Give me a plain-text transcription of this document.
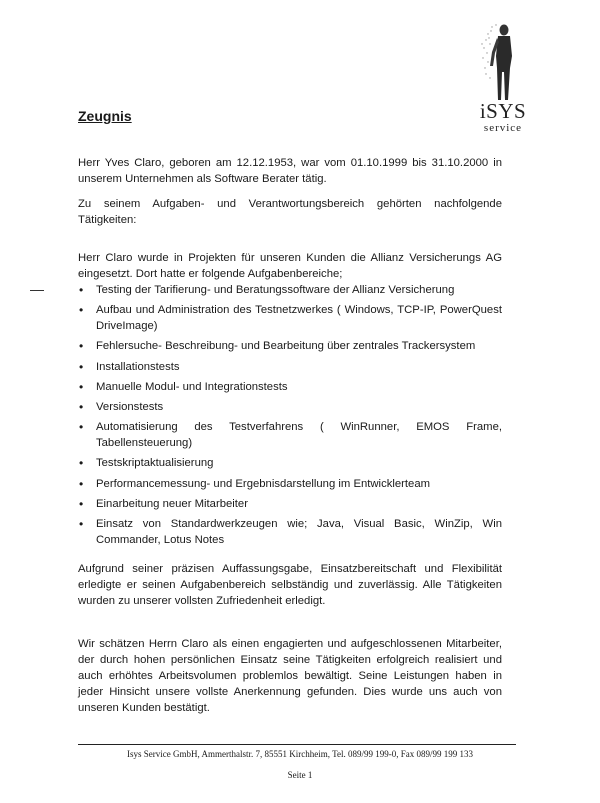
iSYS
service
Zeugnis

Herr Yves Claro, geboren am 12.12.1953, war vom 01.10.1999 bis 31.10.2000 in unserem Unternehmen als Software Berater tätig.

Zu seinem Aufgaben- und Verantwortungsbereich gehörten nachfolgende Tätigkeiten:

Herr Claro wurde in Projekten für unseren Kunden die Allianz Versicherungs AG eingesetzt. Dort hatte er folgende Aufgabenbereiche;

• Testing der Tarifierung- und Beratungssoftware der Allianz Versicherung
• Aufbau und Administration des Testnetzwerkes ( Windows, TCP-IP, PowerQuest DriveImage)
• Fehlersuche- Beschreibung- und Bearbeitung über zentrales Trackersystem
• Installationstests
• Manuelle Modul- und Integrationstests
• Versionstests
• Automatisierung des Testverfahrens ( WinRunner, EMOS Frame, Tabellensteuerung)
• Testskriptaktualisierung
• Performancemessung- und Ergebnisdarstellung im Entwicklerteam
• Einarbeitung neuer Mitarbeiter
• Einsatz von Standardwerkzeugen wie; Java, Visual Basic, WinZip, Win Commander, Lotus Notes

Aufgrund seiner präzisen Auffassungsgabe, Einsatzbereitschaft und Flexibilität erledigte er seinen Aufgabenbereich selbständig und zuverlässig. Alle Tätigkeiten wurden zu unserer vollsten Zufriedenheit erledigt.

Wir schätzen Herrn Claro als einen engagierten und aufgeschlossenen Mitarbeiter, der durch hohen persönlichen Einsatz seine Tätigkeiten erfolgreich realisiert und auch erhöhtes Arbeitsvolumen problemlos bewältigt. Seine Leistungen haben in jeder Hinsicht unsere vollste Anerkennung gefunden. Dies wurde uns auch von unseren Kunden bestätigt.

Isys Service GmbH, Ammerthalstr. 7, 85551 Kirchheim, Tel. 089/99 199-0, Fax 089/99 199 133

Seite 1
